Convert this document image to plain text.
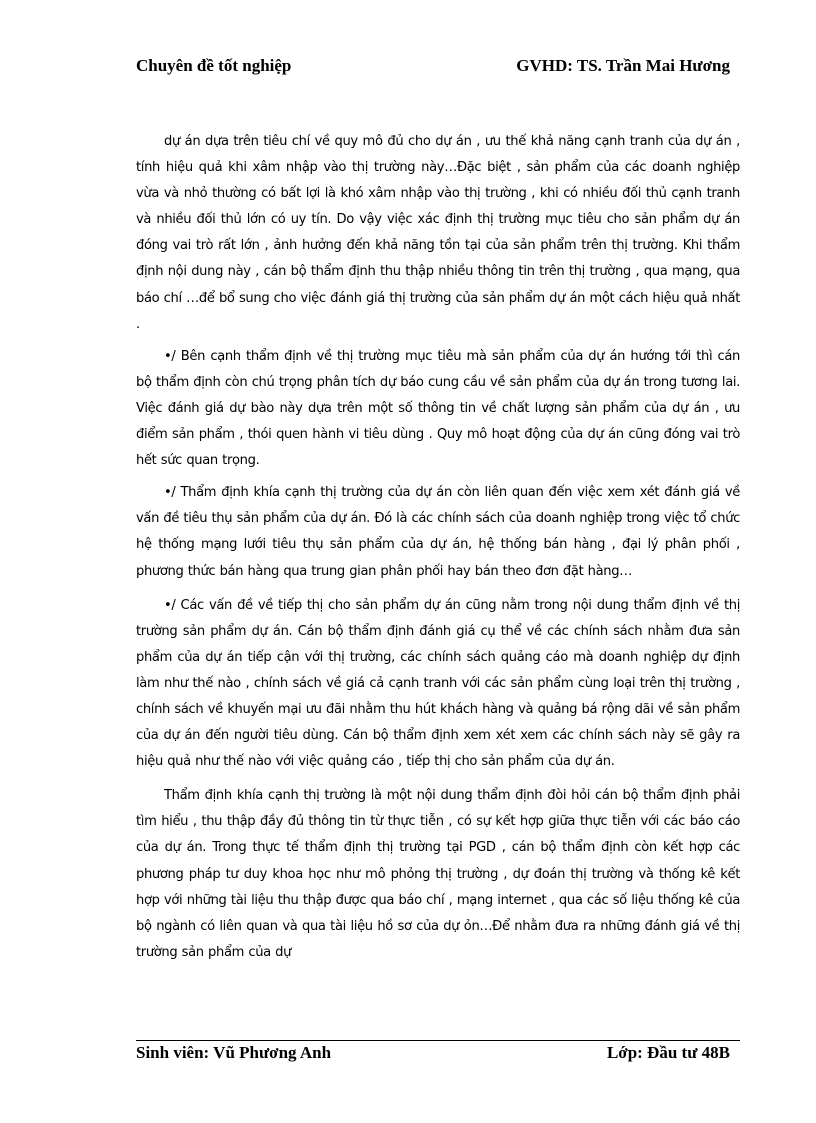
Chuyên đề tốt nghiệp	GVHD: TS. Trần Mai Hương

dự án dựa trên tiêu chí về quy mô đủ cho dự án , ưu thế khả năng cạnh tranh của dự án , tính hiệu quả khi xâm nhập vào thị trường này…Đặc biệt , sản phẩm của các doanh nghiệp vừa và nhỏ thường có bất lợi là khó xâm nhập vào thị trường , khi có nhiều đối thủ cạnh tranh và nhiều đối thủ lớn có uy tín. Do vậy việc xác định thị trường mục tiêu cho sản phẩm dự án đóng vai trò rất lớn , ảnh hưởng đến khả năng tồn tại của sản phẩm trên thị trường. Khi thẩm định nội dung này , cán bộ thẩm định thu thập nhiều thông tin trên thị trường , qua mạng, qua báo chí …để bổ sung cho việc đánh giá thị trường của sản phẩm dự án một cách hiệu quả nhất .

•/ Bên cạnh thẩm định về thị trường mục tiêu mà sản phẩm của dự án hướng tới thì cán bộ thẩm định còn chú trọng phân tích dự báo cung cầu về sản phẩm của dự án trong tương lai. Việc đánh giá dự bào này dựa trên một số thông tin về chất lượng sản phẩm của dự án , ưu điểm sản phẩm , thói quen hành vi tiêu dùng . Quy mô hoạt động của dự án cũng đóng vai trò hết sức quan trọng.

•/ Thẩm định khía cạnh thị trường của dự án còn liên quan đến việc xem xét đánh giá về vấn đề tiêu thụ sản phẩm của dự án. Đó là các chính sách của doanh nghiệp trong việc tổ chức hệ thống mạng lưới tiêu thụ sản phẩm của dự án, hệ thống bán hàng , đại lý phân phối , phương thức bán hàng qua trung gian phân phối hay bán theo đơn đặt hàng…

•/ Các vấn đề về tiếp thị cho sản phẩm dự án cũng nằm trong nội dung thẩm định về thị trường sản phẩm dự án. Cán bộ thẩm định đánh giá cụ thể về các chính sách nhằm đưa sản phẩm của dự án tiếp cận với thị trường, các chính sách quảng cáo mà doanh nghiệp dự định làm như thế nào , chính sách về giá cả cạnh tranh với các sản phẩm cùng loại trên thị trường , chính sách về khuyến mại ưu đãi nhằm thu hút khách hàng và quảng bá rộng dãi về sản phẩm của dự án đến người tiêu dùng. Cán bộ thẩm định xem xét xem các chính sách này sẽ gây ra hiệu quả như thế nào với việc quảng cáo , tiếp thị cho sản phẩm của dự án.

Thẩm định khía cạnh thị trường là một nội dung thẩm định đòi hỏi cán bộ thẩm định phải tìm hiểu , thu thập đầy đủ thông tin từ thực tiễn , có sự kết hợp giữa thực tiễn với các báo cáo của dự án. Trong thực tế thẩm định thị trường tại PGD , cán bộ thẩm định còn kết hợp các phương pháp tư duy khoa học như mô phỏng thị trường , dự đoán thị trường và thống kê kết hợp với những tài liệu thu thập được qua báo chí , mạng internet , qua các số liệu thống kê của bộ ngành có liên quan và qua tài liệu hồ sơ của dự ỏn…Để nhằm đưa ra những đánh giá về thị trường sản phẩm của dự

Sinh viên: Vũ Phương Anh	Lớp: Đầu tư 48B
